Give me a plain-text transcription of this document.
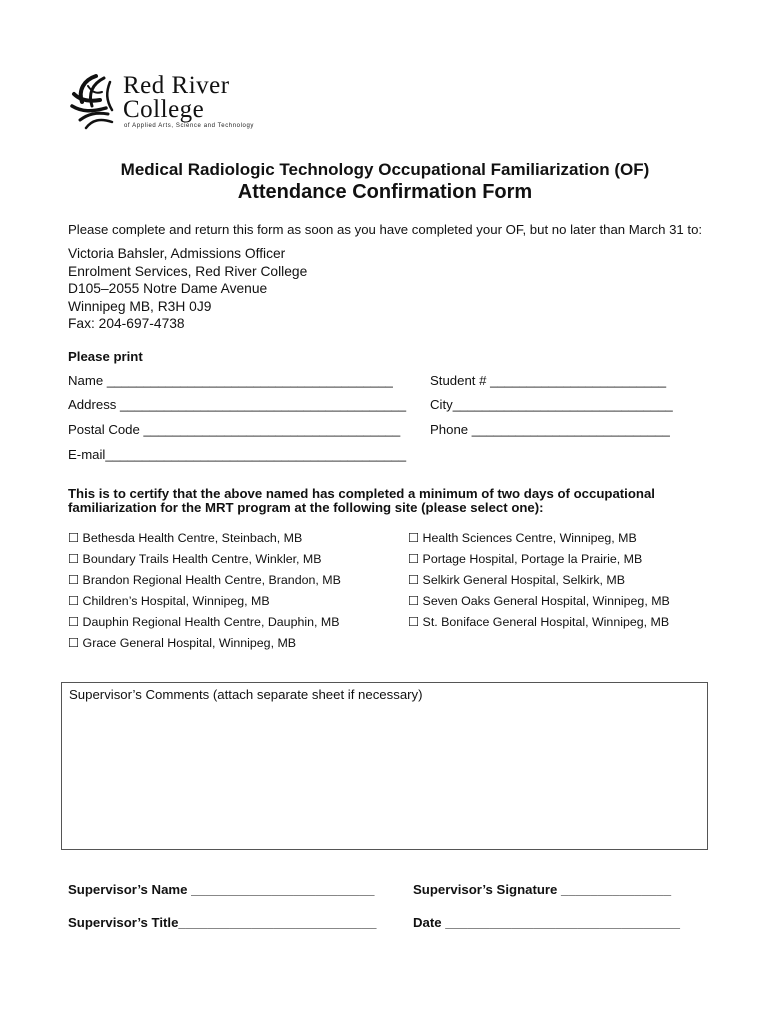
Red River
College
of Applied Arts, Science and Technology
Medical Radiologic Technology Occupational Familiarization (OF)
Attendance Confirmation Form
Please complete and return this form as soon as you have completed your OF, but no later than March 31 to:
Victoria Bahsler, Admissions Officer
Enrolment Services, Red River College
D105–2055 Notre Dame Avenue
Winnipeg MB, R3H 0J9
Fax: 204-697-4738
Please print
Name _______________________________________	Student # ________________________
Address _______________________________________ City______________________________
Postal Code ___________________________________ Phone ___________________________
E-mail_________________________________________
This is to certify that the above named has completed a minimum of two days of occupational
familiarization for the MRT program at the following site (please select one):
☐ Bethesda Health Centre, Steinbach, MB
☐ Boundary Trails Health Centre, Winkler, MB
☐ Brandon Regional Health Centre, Brandon, MB
☐ Children’s Hospital, Winnipeg, MB
☐ Dauphin Regional Health Centre, Dauphin, MB
☐ Grace General Hospital, Winnipeg, MB
☐ Health Sciences Centre, Winnipeg, MB
☐ Portage Hospital, Portage la Prairie, MB
☐ Selkirk General Hospital, Selkirk, MB
☐ Seven Oaks General Hospital, Winnipeg, MB
☐ St. Boniface General Hospital, Winnipeg, MB
Supervisor’s Comments (attach separate sheet if necessary)
Supervisor’s Name _________________________	Supervisor’s Signature _______________
Supervisor’s Title___________________________	Date ________________________________
